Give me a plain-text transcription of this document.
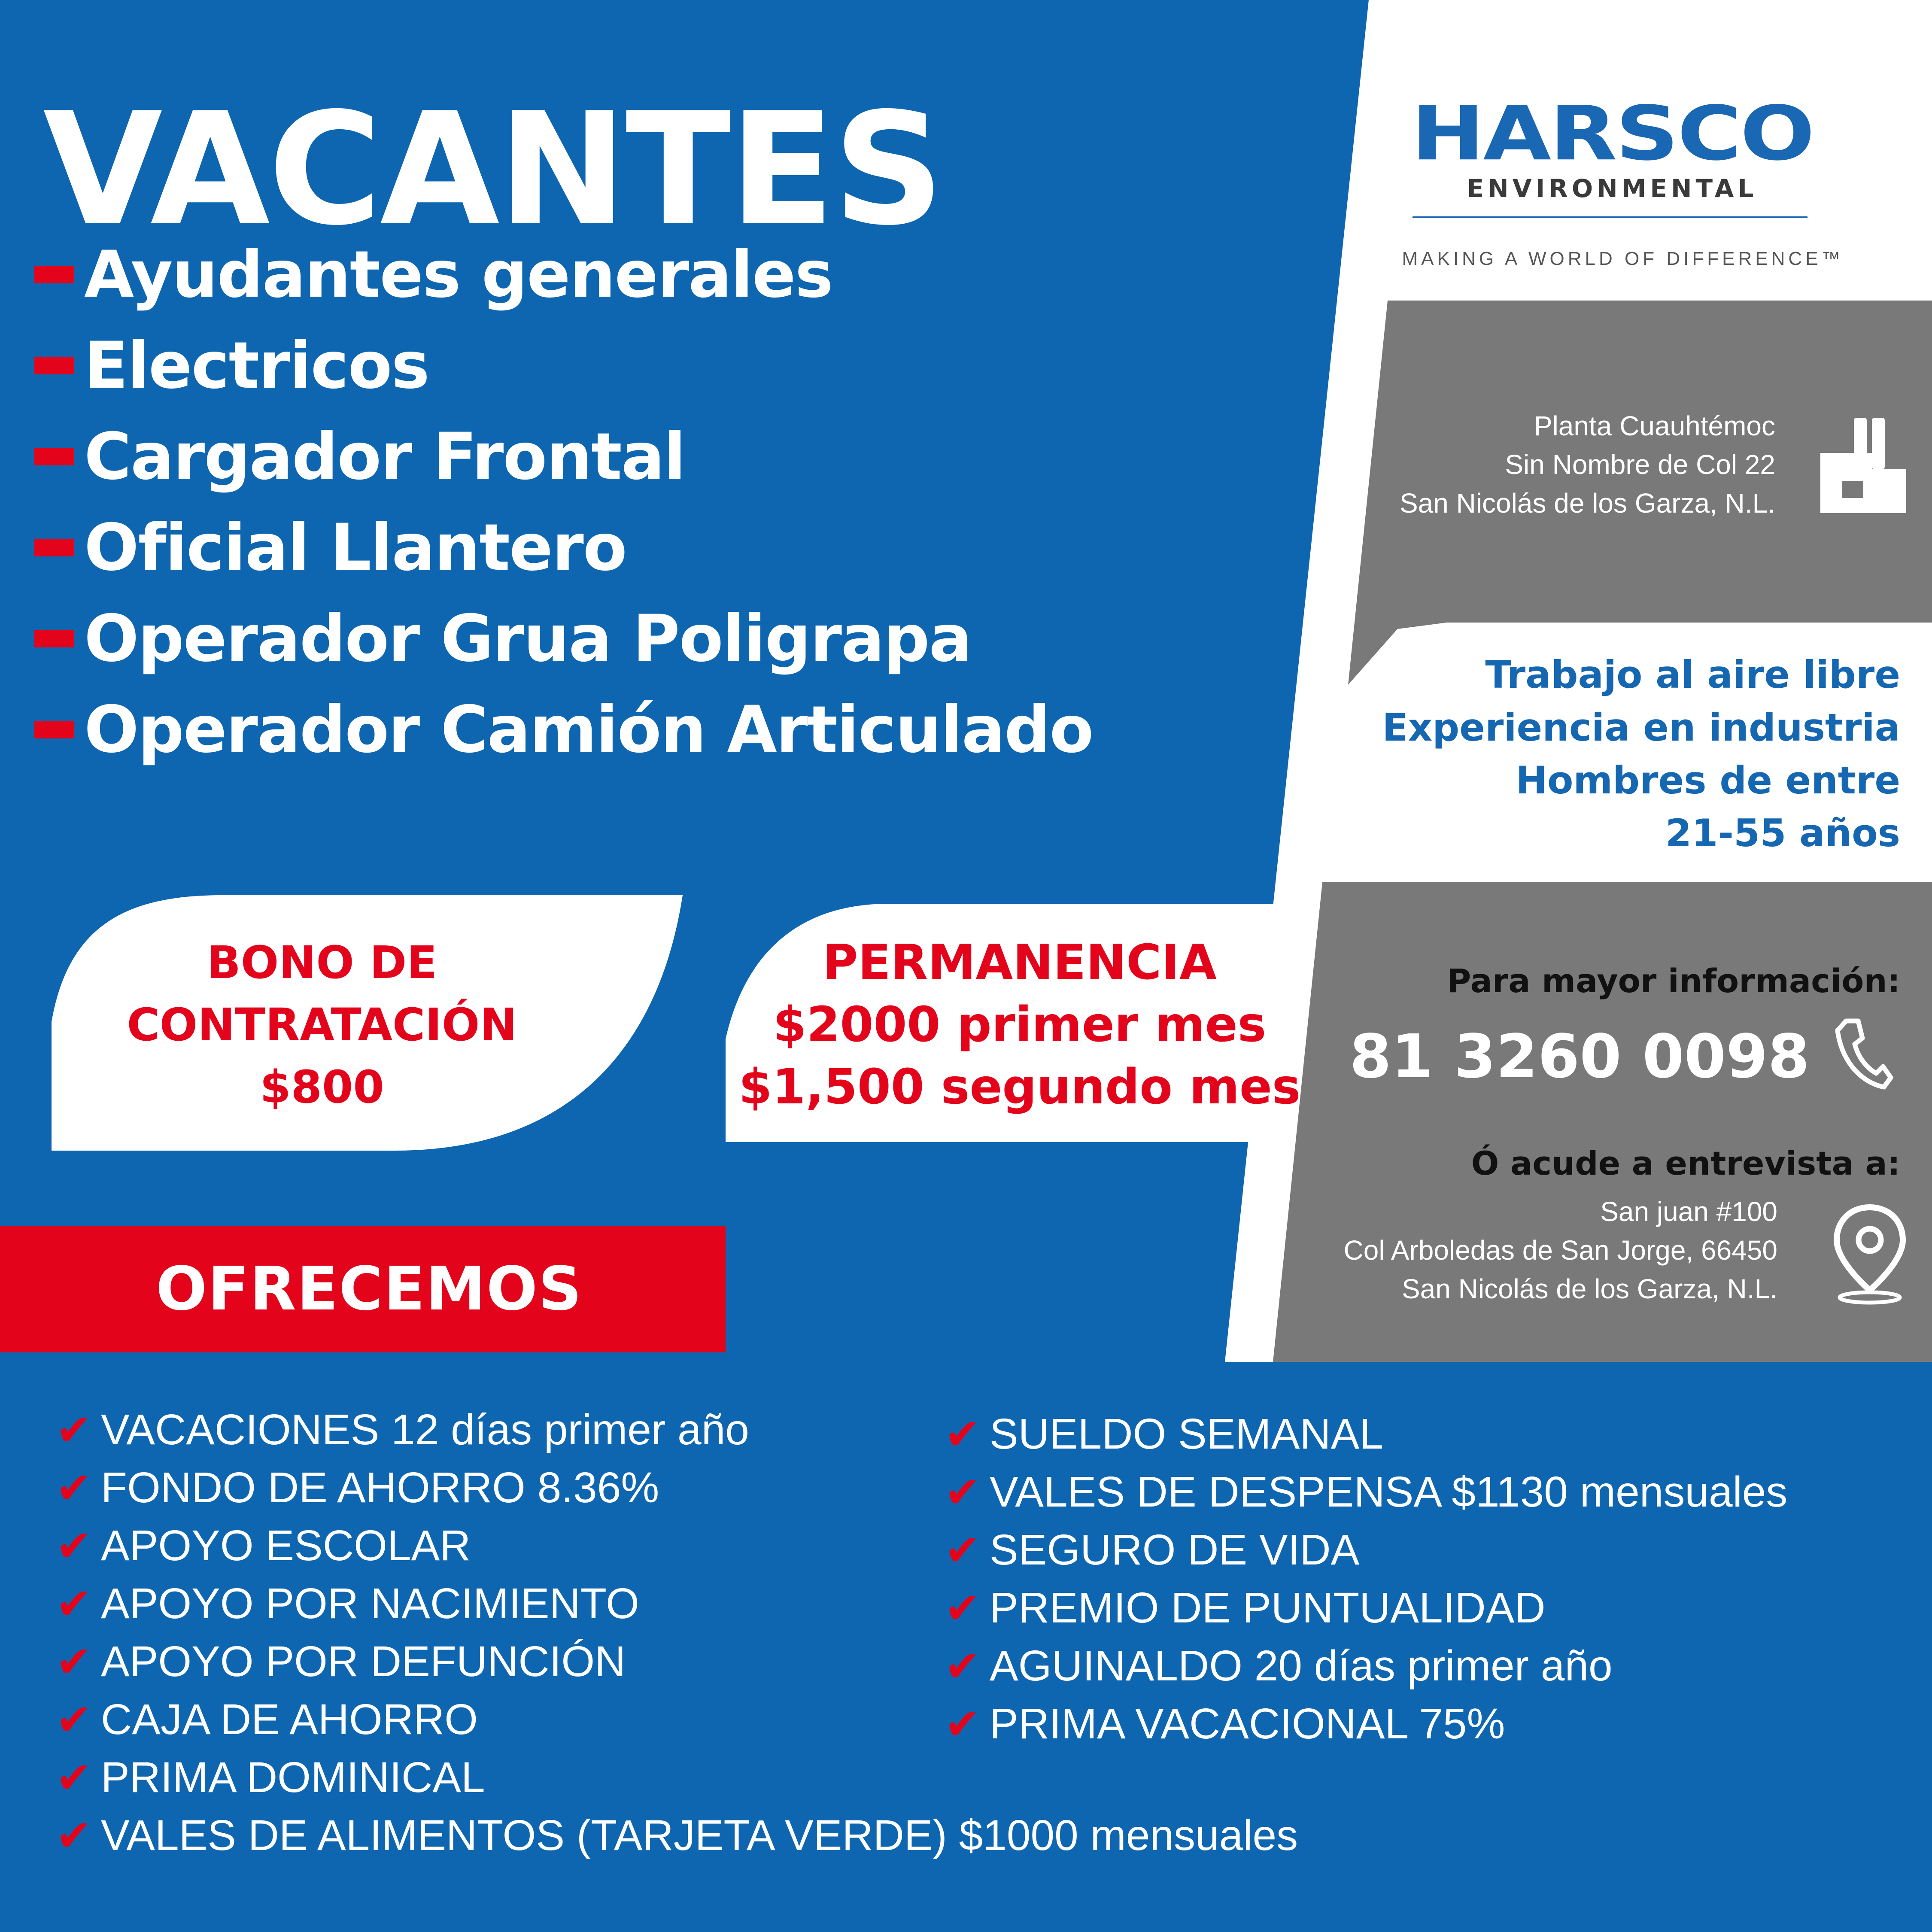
VACANTES
Ayudantes generales
Electricos
Cargador Frontal
Oficial Llantero
Operador Grua Poligrapa
Operador Camión Articulado
HARSCO
ENVIRONMENTAL
MAKING A WORLD OF DIFFERENCE™
Planta Cuauhtémoc
Sin Nombre de Col 22
San Nicolás de los Garza, N.L.
Trabajo al aire libre
Experiencia en industria
Hombres de entre
21-55 años
Para mayor información:
81 3260 0098
Ó acude a entrevista a:
San juan #100
Col Arboledas de San Jorge, 66450
San Nicolás de los Garza, N.L.
BONO DE
CONTRATACIÓN
$800
PERMANENCIA
$2000 primer mes
$1,500 segundo mes
OFRECEMOS
✔ VACACIONES 12 días primer año
✔ FONDO DE AHORRO 8.36%
✔ APOYO ESCOLAR
✔ APOYO POR NACIMIENTO
✔ APOYO POR DEFUNCIÓN
✔ CAJA DE AHORRO
✔ PRIMA DOMINICAL
✔ VALES DE ALIMENTOS (TARJETA VERDE) $1000 mensuales
✔ SUELDO SEMANAL
✔ VALES DE DESPENSA $1130 mensuales
✔ SEGURO DE VIDA
✔ PREMIO DE PUNTUALIDAD
✔ AGUINALDO 20 días primer año
✔ PRIMA VACACIONAL 75%
